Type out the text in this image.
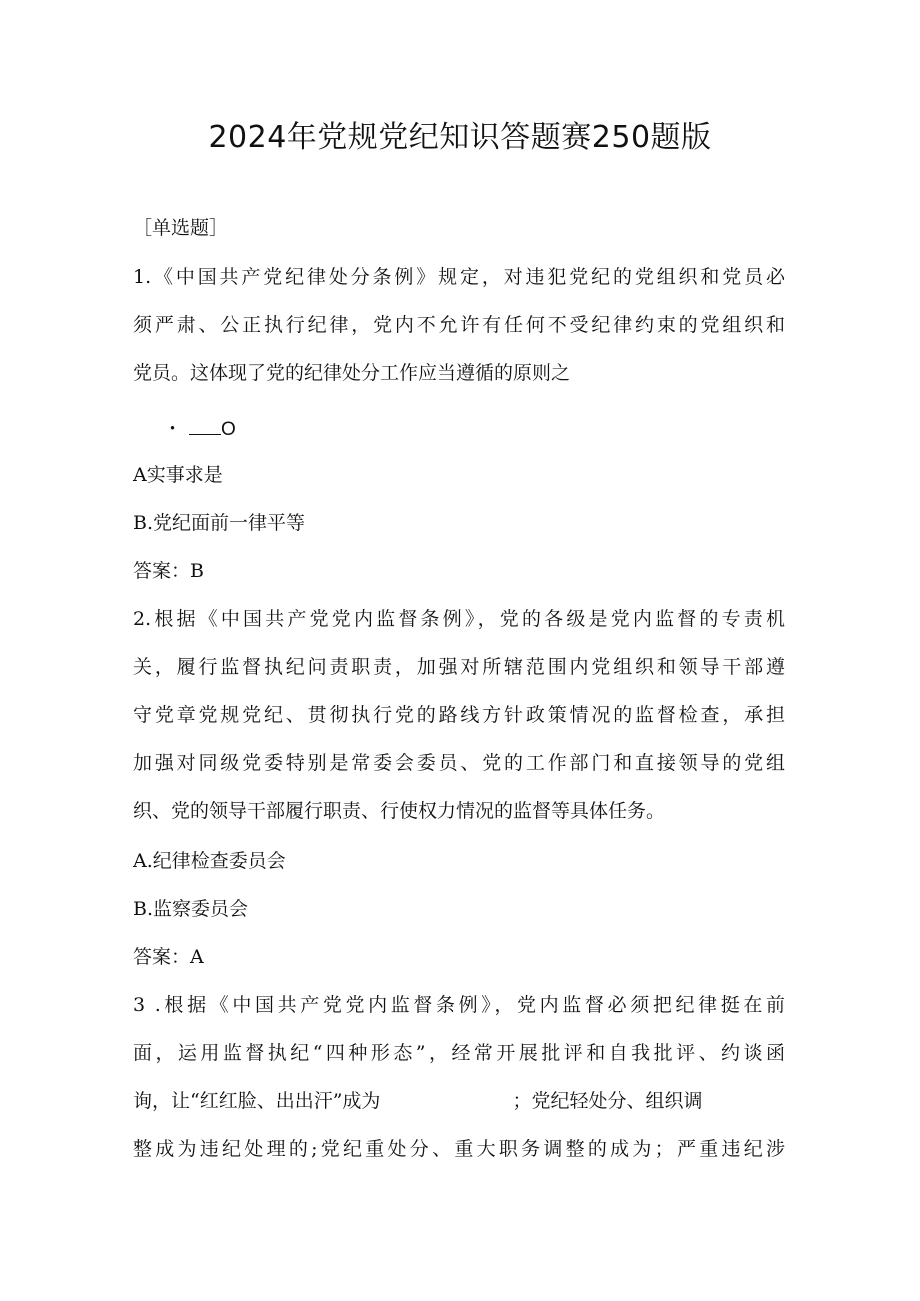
2024年党规党纪知识答题赛250题版
［单选题］
1.《中国共产党纪律处分条例》规定，对违犯党纪的党组织和党员必
须严肃、公正执行纪律，党内不允许有任何不受纪律约束的党组织和
党员。这体现了党的纪律处分工作应当遵循的原则之
・ O
A实事求是
B.党纪面前一律平等
答案：B
2.根据《中国共产党党内监督条例》，党的各级是党内监督的专责机
关，履行监督执纪问责职责，加强对所辖范围内党组织和领导干部遵
守党章党规党纪、贯彻执行党的路线方针政策情况的监督检查，承担
加强对同级党委特别是常委会委员、党的工作部门和直接领导的党组
织、党的领导干部履行职责、行使权力情况的监督等具体任务。
A.纪律检查委员会
B.监察委员会
答案：A
3 .根据《中国共产党党内监督条例》，党内监督必须把纪律挺在前
面，运用监督执纪“四种形态”，经常开展批评和自我批评、约谈函
询，让“红红脸、出出汗”成为	；党纪轻处分、组织调
整成为违纪处理的;党纪重处分、重大职务调整的成为；严重违纪涉
